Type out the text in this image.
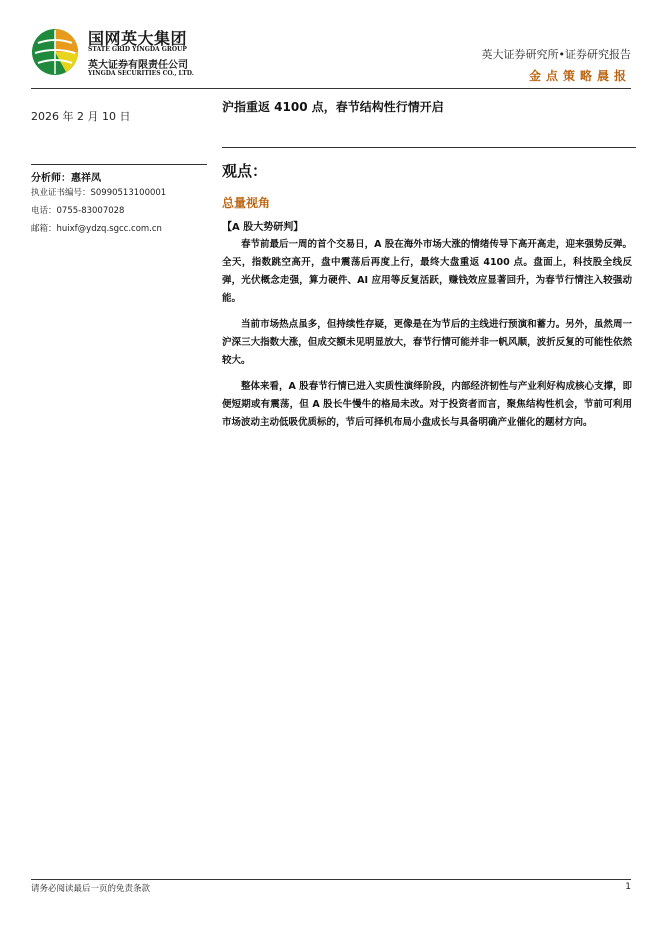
国网英大集团
STATE GRID YINGDA GROUP
英大证券有限责任公司
YINGDA SECURITIES CO., LTD.
英大证券研究所•证券研究报告
金点策略晨报
2026 年 2 月 10 日
分析师：惠祥凤
执业证书编号：S0990513100001
电话：0755-83007028
邮箱：huixf@ydzq.sgcc.com.cn
沪指重返 4100 点，春节结构性行情开启
观点：
总量视角
【A 股大势研判】

春节前最后一周的首个交易日，A 股在海外市场大涨的情绪传导下高开高走，迎来强势反弹。全天，指数跳空高开，盘中震荡后再度上行，最终大盘重返 4100 点。盘面上，科技股全线反弹，光伏概念走强，算力硬件、AI 应用等反复活跃，赚钱效应显著回升，为春节行情注入较强动能。

当前市场热点虽多，但持续性存疑，更像是在为节后的主线进行预演和蓄力。另外，虽然周一沪深三大指数大涨，但成交额未见明显放大，春节行情可能并非一帆风顺，波折反复的可能性依然较大。

整体来看，A 股春节行情已进入实质性演绎阶段，内部经济韧性与产业利好构成核心支撑，即便短期或有震荡，但 A 股长牛慢牛的格局未改。对于投资者而言，聚焦结构性机会，节前可利用市场波动主动低吸优质标的，节后可择机布局小盘成长与具备明确产业催化的题材方向。

请务必阅读最后一页的免责条款	1
